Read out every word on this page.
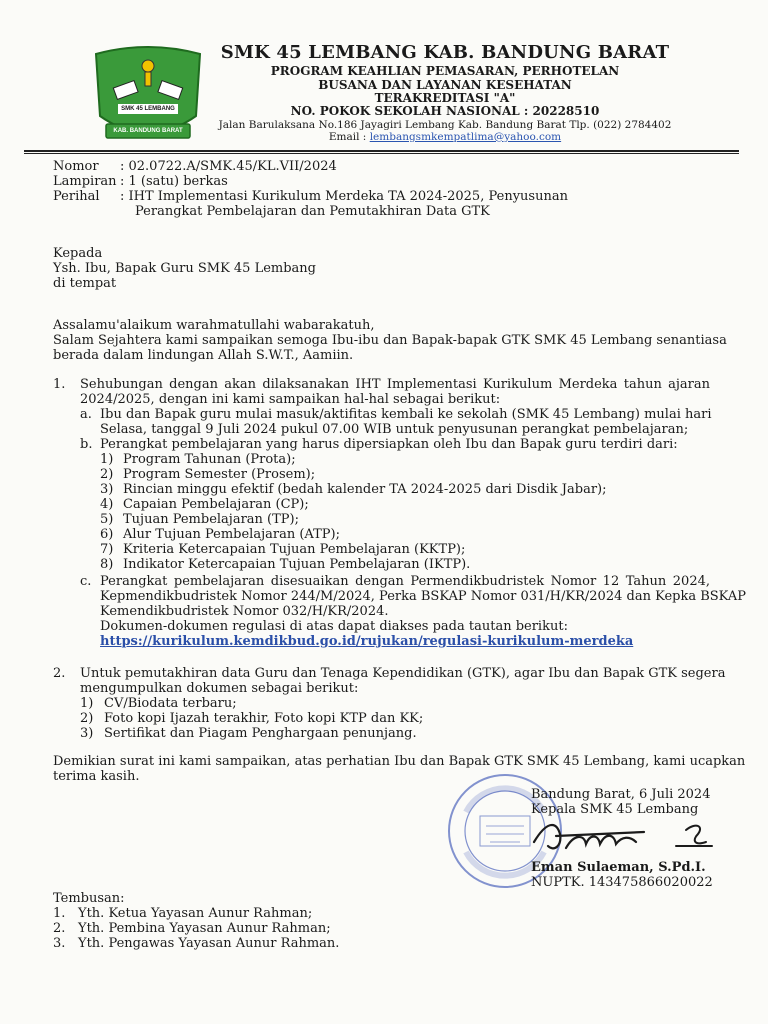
SMK 45 LEMBANG
KAB. BANDUNG BARAT
SMK 45 LEMBANG KAB. BANDUNG BARAT
PROGRAM KEAHLIAN PEMASARAN, PERHOTELAN
BUSANA DAN LAYANAN KESEHATAN
TERAKREDITASI "A"
NO. POKOK SEKOLAH NASIONAL : 20228510
Jalan Barulaksana No.186 Jayagiri Lembang Kab. Bandung Barat Tlp. (022) 2784402
Email : lembangsmkempatlima@yahoo.com
Nomor : 02.0722.A/SMK.45/KL.VII/2024
Lampiran : 1 (satu) berkas
Perihal : IHT Implementasi Kurikulum Merdeka TA 2024-2025, Penyusunan
Perangkat Pembelajaran dan Pemutakhiran Data GTK
Kepada
Ysh. Ibu, Bapak Guru SMK 45 Lembang
di tempat
Assalamu'alaikum warahmatullahi wabarakatuh,
Salam Sejahtera kami sampaikan semoga Ibu-ibu dan Bapak-bapak GTK SMK 45 Lembang senantiasa
berada dalam lindungan Allah S.W.T., Aamiin.
1. Sehubungan dengan akan dilaksanakan IHT Implementasi Kurikulum Merdeka tahun ajaran
2024/2025, dengan ini kami sampaikan hal-hal sebagai berikut:
a. Ibu dan Bapak guru mulai masuk/aktifitas kembali ke sekolah (SMK 45 Lembang) mulai hari
Selasa, tanggal 9 Juli 2024 pukul 07.00 WIB untuk penyusunan perangkat pembelajaran;
b. Perangkat pembelajaran yang harus dipersiapkan oleh Ibu dan Bapak guru terdiri dari:
1) Program Tahunan (Prota);
2) Program Semester (Prosem);
3) Rincian minggu efektif (bedah kalender TA 2024-2025 dari Disdik Jabar);
4) Capaian Pembelajaran (CP);
5) Tujuan Pembelajaran (TP);
6) Alur Tujuan Pembelajaran (ATP);
7) Kriteria Ketercapaian Tujuan Pembelajaran (KKTP);
8) Indikator Ketercapaian Tujuan Pembelajaran (IKTP).
c. Perangkat pembelajaran disesuaikan dengan Permendikbudristek Nomor 12 Tahun 2024,
Kepmendikbudristek Nomor 244/M/2024, Perka BSKAP Nomor 031/H/KR/2024 dan Kepka BSKAP
Kemendikbudristek Nomor 032/H/KR/2024.
Dokumen-dokumen regulasi di atas dapat diakses pada tautan berikut:
https://kurikulum.kemdikbud.go.id/rujukan/regulasi-kurikulum-merdeka
2. Untuk pemutakhiran data Guru dan Tenaga Kependidikan (GTK), agar Ibu dan Bapak GTK segera
mengumpulkan dokumen sebagai berikut:
1) CV/Biodata terbaru;
2) Foto kopi Ijazah terakhir, Foto kopi KTP dan KK;
3) Sertifikat dan Piagam Penghargaan penunjang.
Demikian surat ini kami sampaikan, atas perhatian Ibu dan Bapak GTK SMK 45 Lembang, kami ucapkan
terima kasih.
Bandung Barat, 6 Juli 2024
Kepala SMK 45 Lembang
Eman Sulaeman, S.Pd.I.
NUPTK. 143475866020022
Tembusan:
1. Yth. Ketua Yayasan Aunur Rahman;
2. Yth. Pembina Yayasan Aunur Rahman;
3. Yth. Pengawas Yayasan Aunur Rahman.
